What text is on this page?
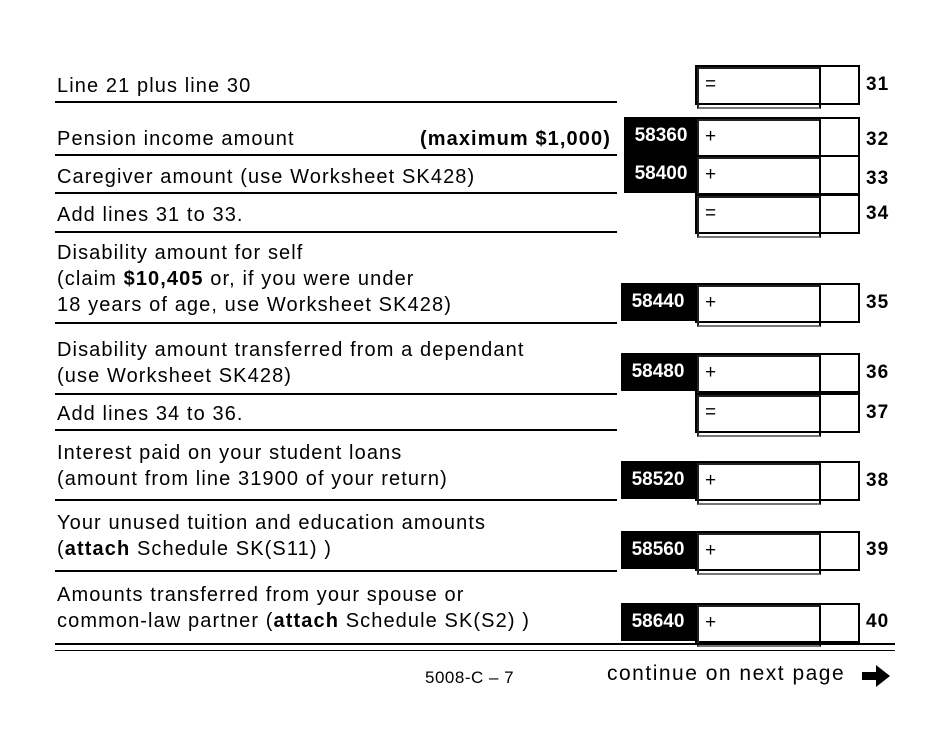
Line 21 plus line 30	=	31
Pension income amount	(maximum $1,000)	58360 +	32
Caregiver amount (use Worksheet SK428)	58400 +	33
Add lines 31 to 33.	=	34
Disability amount for self
(claim $10,405 or, if you were under
18 years of age, use Worksheet SK428)	58440	+	35
Disability amount transferred from a dependant
(use Worksheet SK428)	58480	+	36
Add lines 34 to 36.	=	37
Interest paid on your student loans
(amount from line 31900 of your return)	58520	+	38
Your unused tuition and education amounts
(attach Schedule SK(S11) )	58560	+	39
Amounts transferred from your spouse or
common-law partner (attach Schedule SK(S2) )	58640	+	40
5008-C – 7	continue on next page
